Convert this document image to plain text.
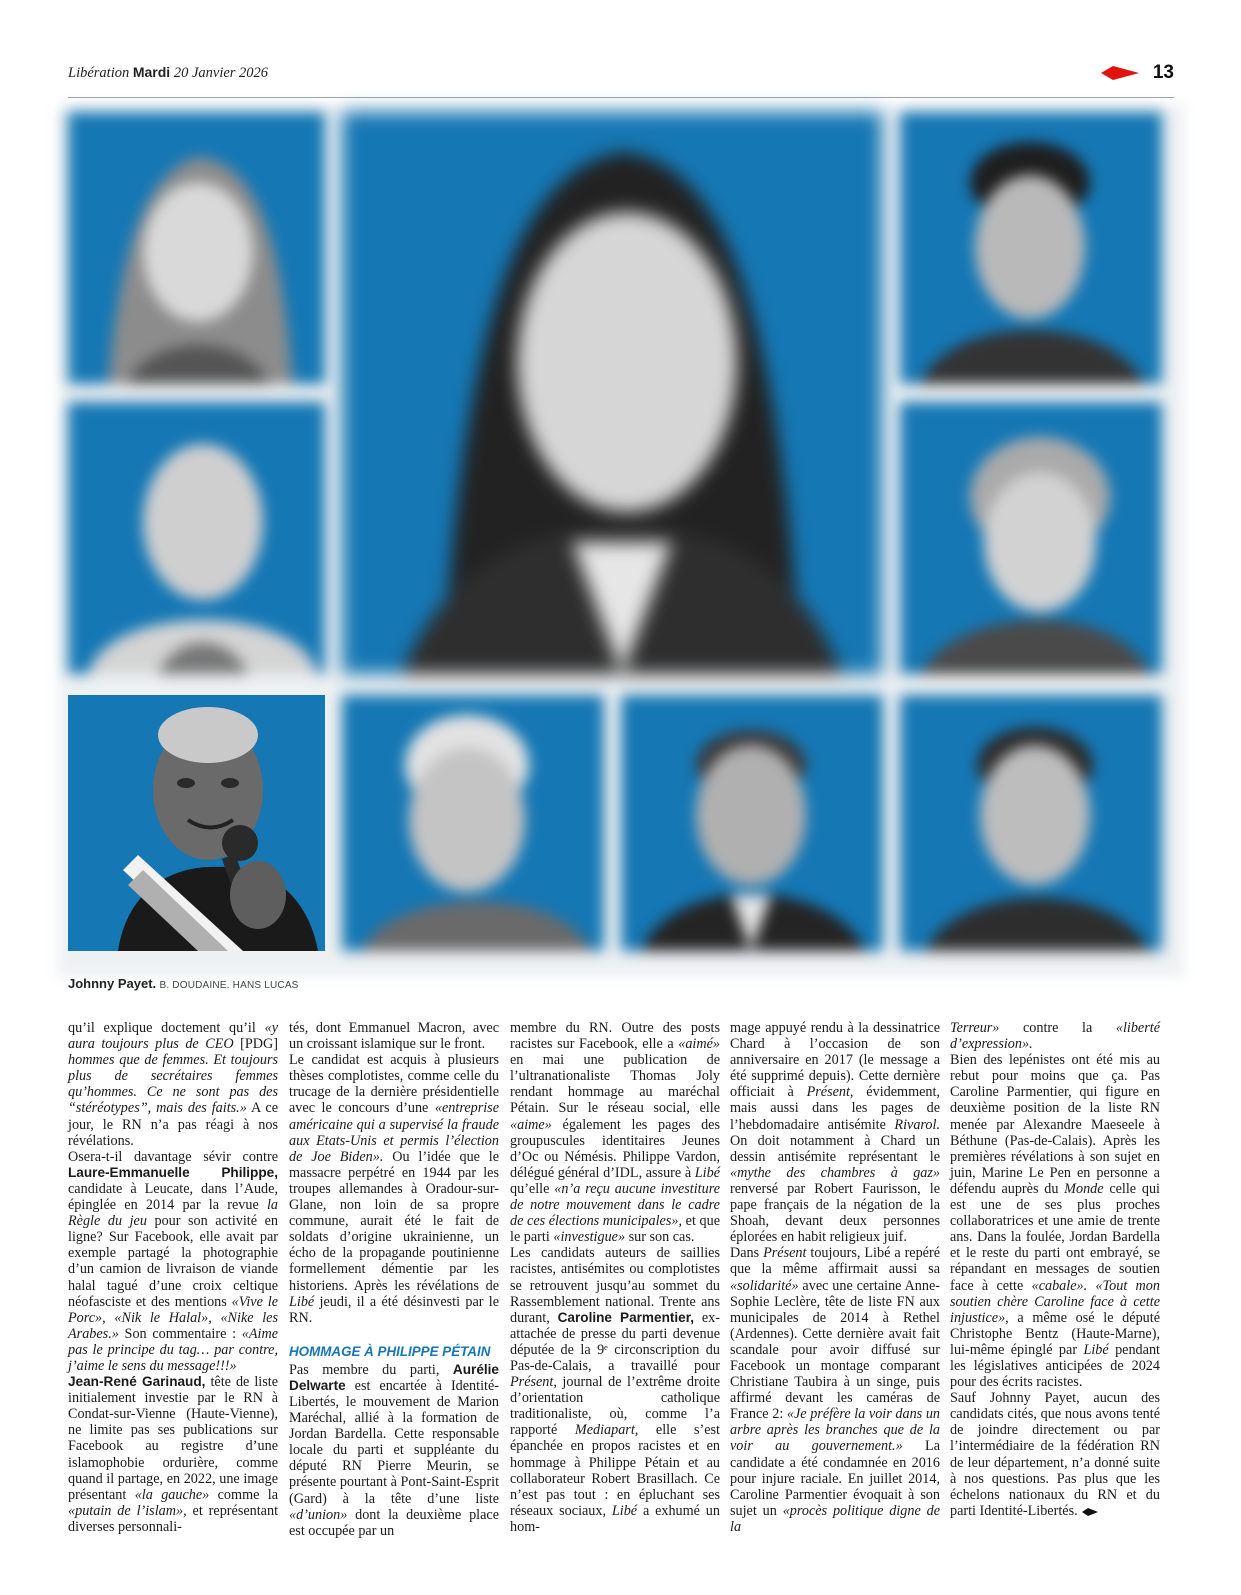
Libération Mardi 20 Janvier 2026	13
Johnny Payet. B. DOUDAINE. HANS LUCAS

qu’il explique doctement qu’il «y aura toujours plus de CEO [PDG] hommes que de femmes. Et toujours plus de secrétaires femmes qu’hommes. Ce ne sont pas des “stéréotypes”, mais des faits.» A ce jour, le RN n’a pas réagi à nos révélations.

Osera-t-il davantage sévir contre Laure-Emmanuelle Philippe, candidate à Leucate, dans l’Aude, épinglée en 2014 par la revue la Règle du jeu pour son activité en ligne? Sur Facebook, elle avait par exemple partagé la photographie d’un camion de livraison de viande halal tagué d’une croix celtique néofasciste et des mentions «Vive le Porc», «Nik le Halal», «Nike les Arabes.» Son commentaire : «Aime pas le principe du tag… par contre, j’aime le sens du message!!!»

Jean-René Garinaud, tête de liste initialement investie par le RN à Condat-sur-Vienne (Haute-Vienne), ne limite pas ses publications sur Facebook au registre d’une islamophobie ordurière, comme quand il partage, en 2022, une image présentant «la gauche» comme la «putain de l’islam», et représentant diverses personnali-

tés, dont Emmanuel Macron, avec un croissant islamique sur le front.

Le candidat est acquis à plusieurs thèses complotistes, comme celle du trucage de la dernière présidentielle avec le concours d’une «entreprise américaine qui a supervisé la fraude aux Etats-Unis et permis l’élection de Joe Biden». Ou l’idée que le massacre perpétré en 1944 par les troupes allemandes à Oradour-sur-Glane, non loin de sa propre commune, aurait été le fait de soldats d’origine ukrainienne, un écho de la propagande poutinienne formellement démentie par les historiens. Après les révélations de Libé jeudi, il a été désinvesti par le RN.

HOMMAGE À PHILIPPE PÉTAIN

Pas membre du parti, Aurélie Delwarte est encartée à Identité-Libertés, le mouvement de Marion Maréchal, allié à la formation de Jordan Bardella. Cette responsable locale du parti et suppléante du député RN Pierre Meurin, se présente pourtant à Pont-Saint-Esprit (Gard) à la tête d’une liste «d’union» dont la deuxième place est occupée par un

membre du RN. Outre des posts racistes sur Facebook, elle a «aimé» en mai une publication de l’ultranationaliste Thomas Joly rendant hommage au maréchal Pétain. Sur le réseau social, elle «aime» également les pages des groupuscules identitaires Jeunes d’Oc ou Némésis. Philippe Vardon, délégué général d’IDL, assure à Libé qu’elle «n’a reçu aucune investiture de notre mouvement dans le cadre de ces élections municipales», et que le parti «investigue» sur son cas.

Les candidats auteurs de saillies racistes, antisémites ou complotistes se retrouvent jusqu’au sommet du Rassemblement national. Trente ans durant, Caroline Parmentier, ex-attachée de presse du parti devenue députée de la 9ᵉ circonscription du Pas-de-Calais, a travaillé pour Présent, journal de l’extrême droite d’orientation catholique traditionaliste, où, comme l’a rapporté Mediapart, elle s’est épanchée en propos racistes et en hommage à Philippe Pétain et au collaborateur Robert Brasillach. Ce n’est pas tout : en épluchant ses réseaux sociaux, Libé a exhumé un hom-

mage appuyé rendu à la dessinatrice Chard à l’occasion de son anniversaire en 2017 (le message a été supprimé depuis). Cette dernière officiait à Présent, évidemment, mais aussi dans les pages de l’hebdomadaire antisémite Rivarol. On doit notamment à Chard un dessin antisémite représentant le «mythe des chambres à gaz» renversé par Robert Faurisson, le pape français de la négation de la Shoah, devant deux personnes éplorées en habit religieux juif.

Dans Présent toujours, Libé a repéré que la même affirmait aussi sa «solidarité» avec une certaine Anne-Sophie Leclère, tête de liste FN aux municipales de 2014 à Rethel (Ardennes). Cette dernière avait fait scandale pour avoir diffusé sur Facebook un montage comparant Christiane Taubira à un singe, puis affirmé devant les caméras de France 2: «Je préfère la voir dans un arbre après les branches que de la voir au gouvernement.» La candidate a été condamnée en 2016 pour injure raciale. En juillet 2014, Caroline Parmentier évoquait à son sujet un «procès politique digne de la

Terreur» contre la «liberté d’expression».

Bien des lepénistes ont été mis au rebut pour moins que ça. Pas Caroline Parmentier, qui figure en deuxième position de la liste RN menée par Alexandre Maeseele à Béthune (Pas-de-Calais). Après les premières révélations à son sujet en juin, Marine Le Pen en personne a défendu auprès du Monde celle qui est une de ses plus proches collaboratrices et une amie de trente ans. Dans la foulée, Jordan Bardella et le reste du parti ont embrayé, se répandant en messages de soutien face à cette «cabale». «Tout mon soutien chère Caroline face à cette injustice», a même osé le député Christophe Bentz (Haute-Marne), lui-même épinglé par Libé pendant les législatives anticipées de 2024 pour des écrits racistes.

Sauf Johnny Payet, aucun des candidats cités, que nous avons tenté de joindre directement ou par l’intermédiaire de la fédération RN de leur département, n’a donné suite à nos questions. Pas plus que les échelons nationaux du RN et du parti Identité-Libertés.
